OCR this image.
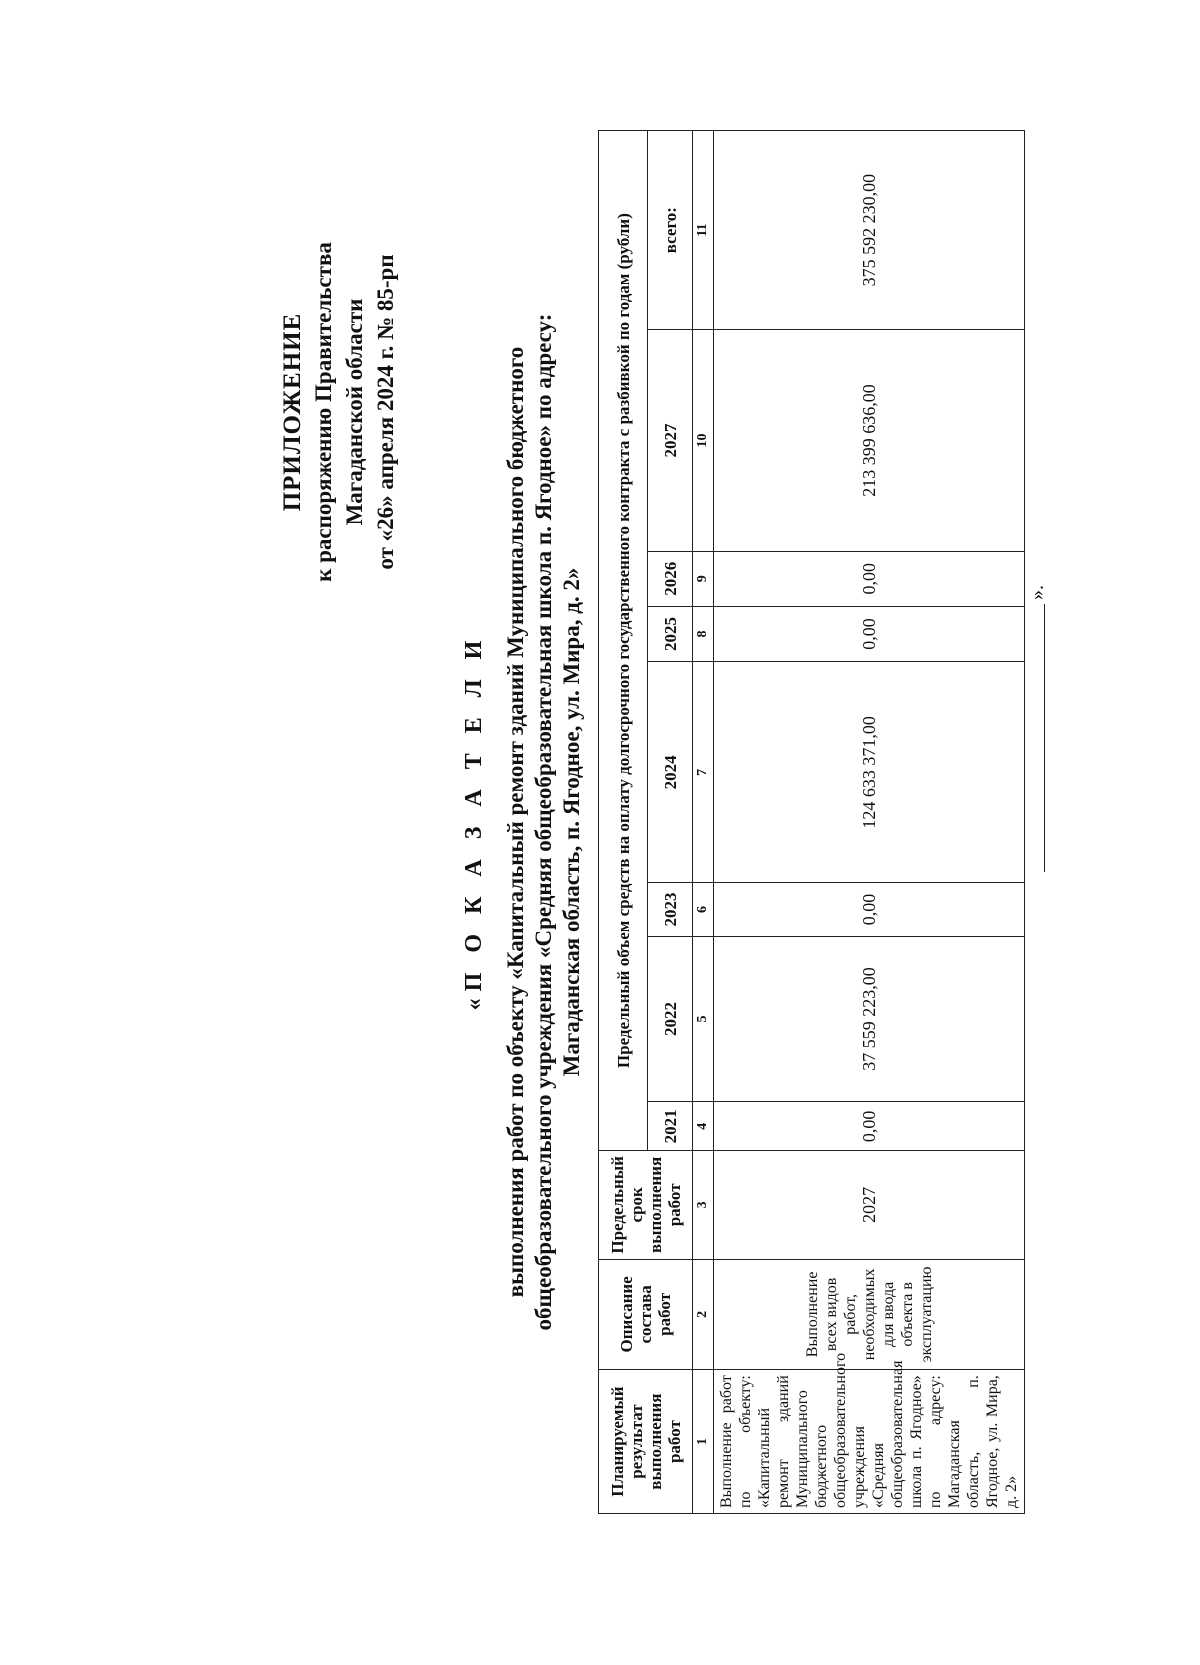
ПРИЛОЖЕНИЕ к распоряжению Правительства Магаданской области от «26» апреля 2024 г. № 85-рп
«П О К А З А Т Е Л И выполнения работ по объекту «Капитальный ремонт зданий Муниципального бюджетного общеобразовательного учреждения «Средняя общеобразовательная школа п. Ягодное» по адресу: Магаданская область, п. Ягодное, ул. Мира, д. 2»
Планируемый результат выполнения работ	Описание состава работ	Предельный срок выполнения работ	Предельный объем средств на оплату долгосрочного государственного контракта с разбивкой по годам (рубли)							
			2021	2022	2023	2024	2025	2026	2027	всего:
1	2	3	4	5	6	7	8	9	10	11
Выполнение работ по объекту: «Капитальный ремонт зданий Муниципального бюджетного общеобразовательного учреждения «Средняя общеобразовательная школа п. Ягодное» по адресу: Магаданская область, п. Ягодное, ул. Мира, д. 2»	Выполнение всех видов работ, необходимых для ввода объекта в эксплуатацию	2027	0,00	37 559 223,00	0,00	124 633 371,00	0,00	0,00	213 399 636,00	375 592 230,00
».
